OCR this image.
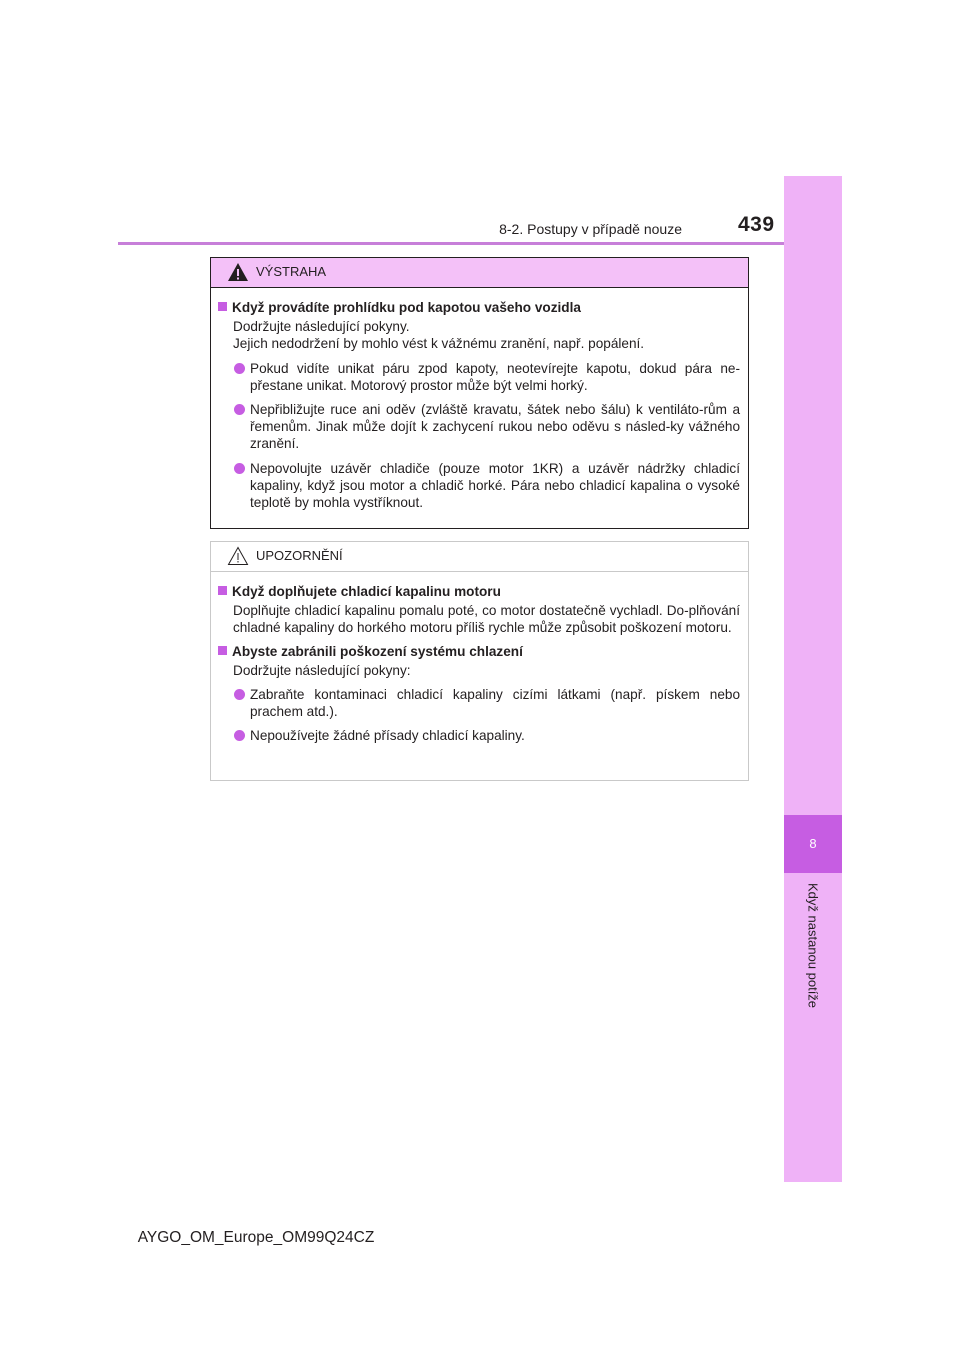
439
8-2. Postupy v případě nouze
8
Když nastanou potíže
VÝSTRAHA
Když provádíte prohlídku pod kapotou vašeho vozidla
Dodržujte následující pokyny.
Jejich nedodržení by mohlo vést k vážnému zranění, např. popálení.
Pokud vidíte unikat páru zpod kapoty, neotevírejte kapotu, dokud pára ne-přestane unikat. Motorový prostor může být velmi horký.
Nepřibližujte ruce ani oděv (zvláště kravatu, šátek nebo šálu) k ventiláto-rům a řemenům. Jinak může dojít k zachycení rukou nebo oděvu s násled-ky vážného zranění.
Nepovolujte uzávěr chladiče (pouze motor 1KR) a uzávěr nádržky chladicí kapaliny, když jsou motor a chladič horké. Pára nebo chladicí kapalina o vysoké teplotě by mohla vystříknout.
UPOZORNĚNÍ
Když doplňujete chladicí kapalinu motoru
Doplňujte chladicí kapalinu pomalu poté, co motor dostatečně vychladl. Do-plňování chladné kapaliny do horkého motoru příliš rychle může způsobit poškození motoru.
Abyste zabránili poškození systému chlazení
Dodržujte následující pokyny:
Zabraňte kontaminaci chladicí kapaliny cizími látkami (např. pískem nebo prachem atd.).
Nepoužívejte žádné přísady chladicí kapaliny.
AYGO_OM_Europe_OM99Q24CZ
